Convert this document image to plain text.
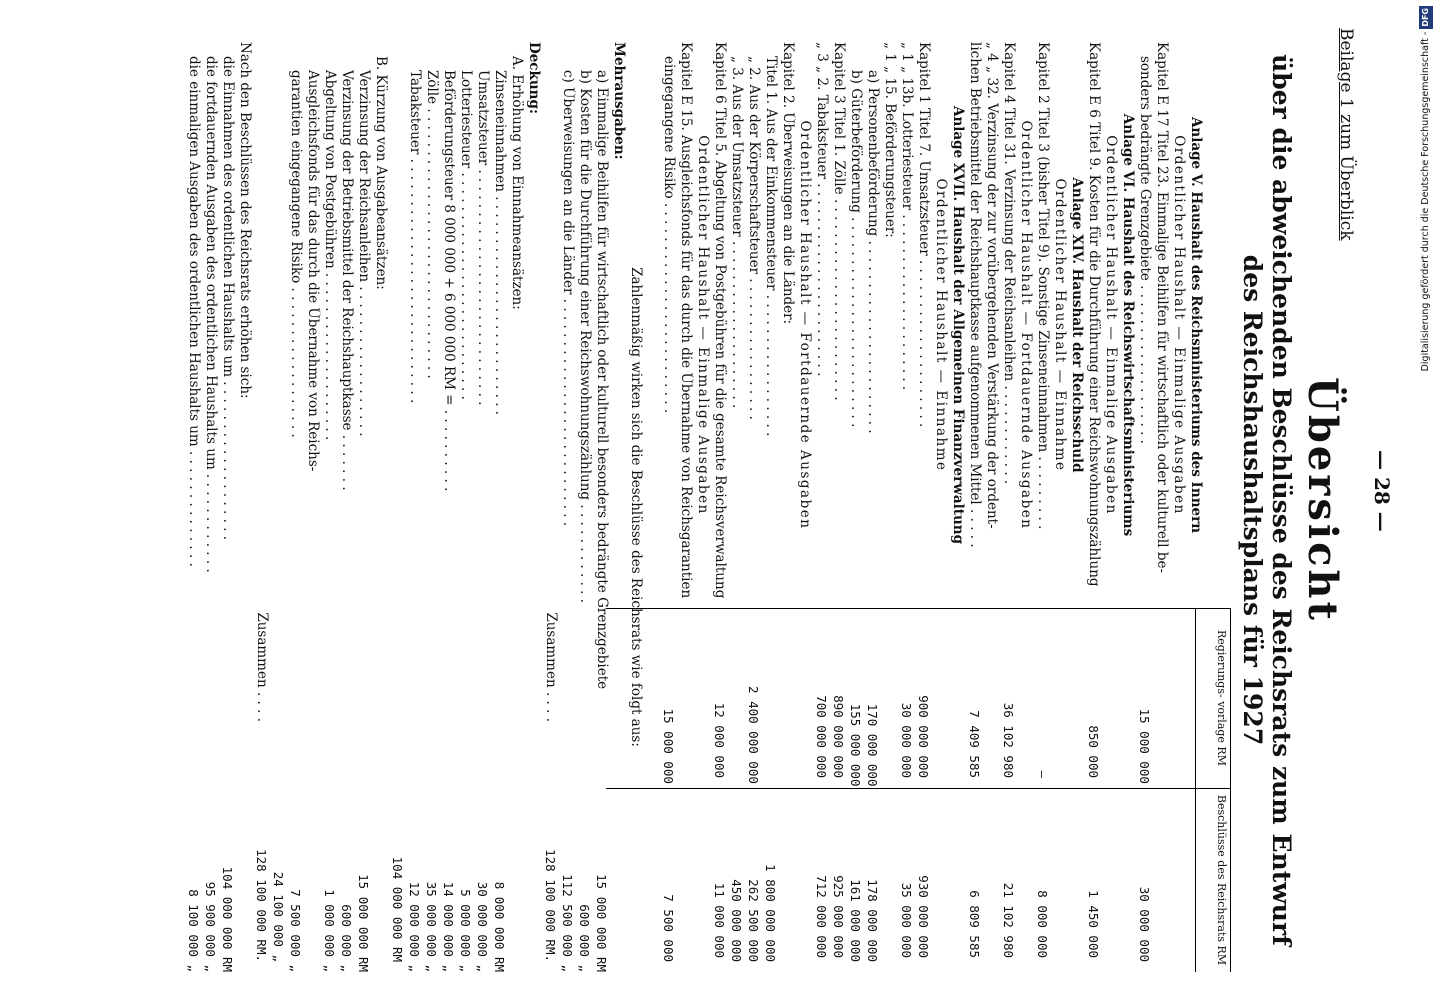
Beilage 1 zum Überblick
— 28 —
Übersicht
über die abweichenden Beschlüsse des Reichsrats zum Entwurf
des Reichshaushaltsplans für 1927
Regierungs- vorlage RM
Beschlüsse des Reichsrats RM
Anlage V. Haushalt des Reichsministeriums des Innern
Ordentlicher Haushalt — Einmalige Ausgaben
Kapitel E 17 Titel 23. Einmalige Beihilfen für wirtschaftlich oder kulturell be-
sonders bedrängte Grenzgebiete . . . . . . . . . . . . . . . . . . .
15 000 000
30 000 000
Anlage VI. Haushalt des Reichswirtschaftsministeriums
Ordentlicher Haushalt — Einmalige Ausgaben
Kapitel E 6 Titel 9. Kosten für die Durchführung einer Reichswohnungszählung
850 000
1 450 000
Anlage XIV. Haushalt der Reichsschuld
Ordentlicher Haushalt — Einnahme
Kapitel 2 Titel 3 (bisher Titel 9). Sonstige Zinseneinnahmen . . . . . . . . .
—
8 000 000
Ordentlicher Haushalt — Fortdauernde Ausgaben
Kapitel 4 Titel 31. Verzinsung der Reichsanleihen . . . . . . . . . . . .
36 102 980
21 102 980
„ 4 „ 32. Verzinsung der zur vorübergehenden Verstärkung der ordent-
lichen Betriebsmittel der Reichshauptkasse aufgenommenen Mittel . . . . .
7 409 585
6 809 585
Anlage XVII. Haushalt der Allgemeinen Finanzverwaltung
Ordentlicher Haushalt — Einnahme
Kapitel 1 Titel 7. Umsatzsteuer . . . . . . . . . . . . . . . . . . . .
900 000 000
930 000 000
„ 1 „ 13b. Lotteriesteuer . . . . . . . . . . . . . . . . . . . . .
30 000 000
35 000 000
„ 1 „ 15. Beförderungsteuer:
a) Personenbeförderung . . . . . . . . . . . . . . . . . . . . . . .
170 000 000
178 000 000
b) Güterbeförderung . . . . . . . . . . . . . . . . . . . . . . . . .
155 000 000
161 000 000
Kapitel 3 Titel 1. Zölle . . . . . . . . . . . . . . . . . . . . . . . .
890 000 000
925 000 000
„ 3 „ 2. Tabaksteuer . . . . . . . . . . . . . . . . . . . . . . .
700 000 000
712 000 000
Ordentlicher Haushalt — Fortdauernde Ausgaben
Kapitel 2. Überweisungen an die Länder:
Titel 1. Aus der Einkommensteuer . . . . . . . . . . . . . . . . .
1 800 000 000
„ 2. Aus der Körperschaftsteuer . . . . . . . . . . . . . . . . .
2 400 000 000
262 500 000
„ 3. Aus der Umsatzsteuer . . . . . . . . . . . . . . . . . . . .
450 000 000
Kapitel 6 Titel 5. Abgeltung von Postgebühren für die gesamte Reichsverwaltung
12 000 000
11 000 000
Ordentlicher Haushalt — Einmalige Ausgaben
Kapitel E 15. Ausgleichsfonds für das durch die Übernahme von Reichsgarantien
eingegangene Risiko . . . . . . . . . . . . . . . . . . . . . . . . .
15 000 000
7 500 000
Zahlenmäßig wirken sich die Beschlüsse des Reichsrats wie folgt aus:
Mehrausgaben:
a) Einmalige Beihilfen für wirtschaftlich oder kulturell besonders bedrängte Grenzgebiete
15 000 000 RM
b) Kosten für die Durchführung einer Reichswohnungszählung . . . . . . . . . . . .
600 000 „
c) Überweisungen an die Länder . . . . . . . . . . . . . . . . . . . . . . . . . . .
112 500 000 „
Zusammen . . . .
128 100 000 RM.
Deckung:
A. Erhöhung von Einnahmeansätzen:
Zinseneinnahmen . . . . . . . . . . . . . . . . . . . . . . . . . .
8 000 000 RM
Umsatzsteuer . . . . . . . . . . . . . . . . . . . . . . . . . . . .
30 000 000 „
Lotteriesteuer . . . . . . . . . . . . . . . . . . . . . . . . . . .
5 000 000 „
Beförderungsteuer 8 000 000 + 6 000 000 RM = . . . . . . . . . .
14 000 000 „
Zölle . . . . . . . . . . . . . . . . . . . . . . . . . . . . . . . .
35 000 000 „
Tabaksteuer . . . . . . . . . . . . . . . . . . . . . . . . . . . . .
12 000 000 „
104 000 000 RM
B. Kürzung von Ausgabeansätzen:
Verzinsung der Reichsanleihen . . . . . . . . . . . . . . . . . .
15 000 000 RM
Verzinsung der Betriebsmittel der Reichshauptkasse . . . . . . .
600 000 „
Abgeltung von Postgebühren . . . . . . . . . . . . . . . . . . . .
1 000 000 „
Ausgleichsfonds für das durch die Übernahme von Reichs-
garantien eingegangene Risiko . . . . . . . . . . . . . . . . . .
7 500 000 „
24 100 000 „
Zusammen . . . .
128 100 000 RM.
Nach den Beschlüssen des Reichsrats erhöhen sich:
die Einnahmen des ordentlichen Haushalts um . . . . . . . . . . . . . . . . . . .
104 000 000 RM
die fortdauernden Ausgaben des ordentlichen Haushalts um . . . . . . . . . . . .
95 900 000 „
die einmaligen Ausgaben des ordentlichen Haushalts um . . . . . . . . . . . . . .
8 100 000 „
Digitalisierung gefördert durch die Deutsche Forschungsgemeinschaft -DFG
